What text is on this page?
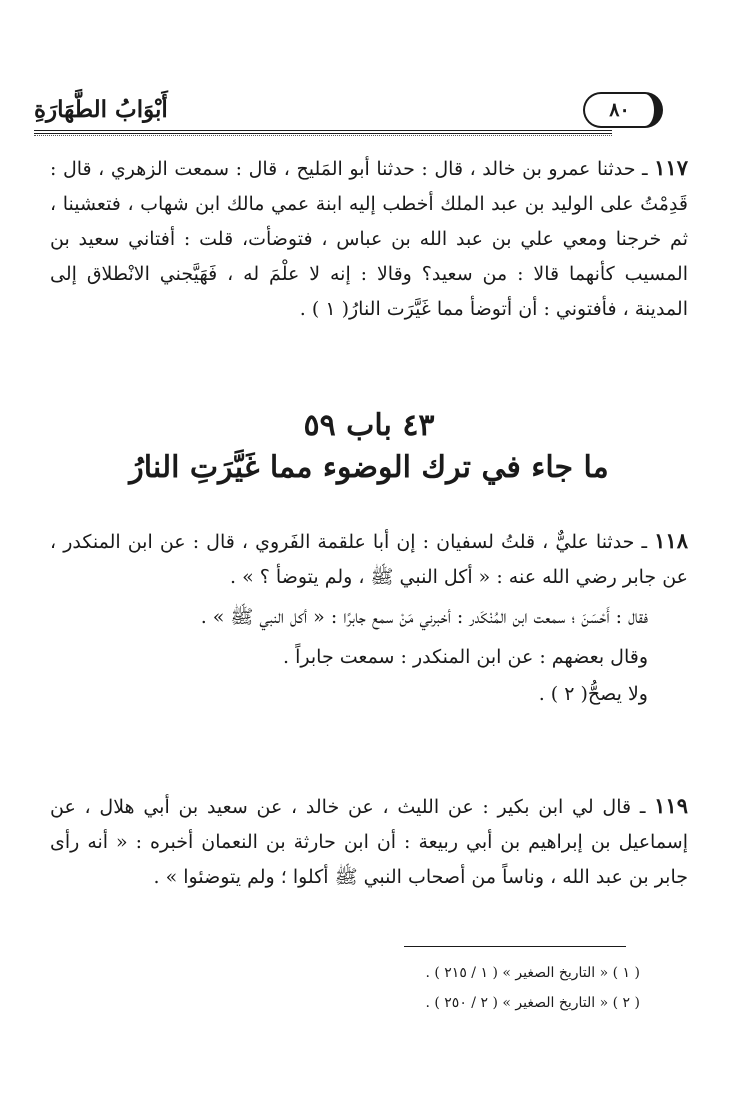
٨٠
أَبْوَابُ الطَّهَارَةِ

١١٧ ـ حدثنا عمرو بن خالد ، قال : حدثنا أبو المَليح ، قال : سمعت الزهري ، قال : قَدِمْتُ على الوليد بن عبد الملك أخطب إليه ابنة عمي مالك ابن شهاب ، فتعشينا ، ثم خرجنا ومعي علي بن عبد الله بن عباس ، فتوضأت، قلت : أفتاني سعيد بن المسيب كأنهما قالا : من سعيد؟ وقالا : إنه لا علْمَ له ، فَهَيَّجني الانْطلاق إلى المدينة ، فأفتوني : أن أتوضأ مما غَيَّرَت النارُ( ١ ) .

٤٣ باب ٥٩
ما جاء في ترك الوضوء مما غَيَّرَتِ النارُ

١١٨ ـ حدثنا عليٌّ ، قلتُ لسفيان : إن أبا علقمة الفَروي ، قال : عن ابن المنكدر ، عن جابر رضي الله عنه : « أكل النبي ﷺ ، ولم يتوضأ ؟ » .

فقال : أَحْسَنَ ؛ سمعت ابن المُنْكَدر : أخبرني مَنْ سمع جابرًا : « أكل النبي ﷺ » .

وقال بعضهم : عن ابن المنكدر : سمعت جابراً .

ولا يصحُّ( ٢ ) .

١١٩ ـ قال لي ابن بكير : عن الليث ، عن خالد ، عن سعيد بن أبي هلال ، عن إسماعيل بن إبراهيم بن أبي ربيعة : أن ابن حارثة بن النعمان أخبره : « أنه رأى جابر بن عبد الله ، وناساً من أصحاب النبي ﷺ أكلوا ؛ ولم يتوضئوا » .

( ١ ) « التاريخ الصغير » ( ١ / ٢١٥ ) .

( ٢ ) « التاريخ الصغير » ( ٢ / ٢٥٠ ) .
